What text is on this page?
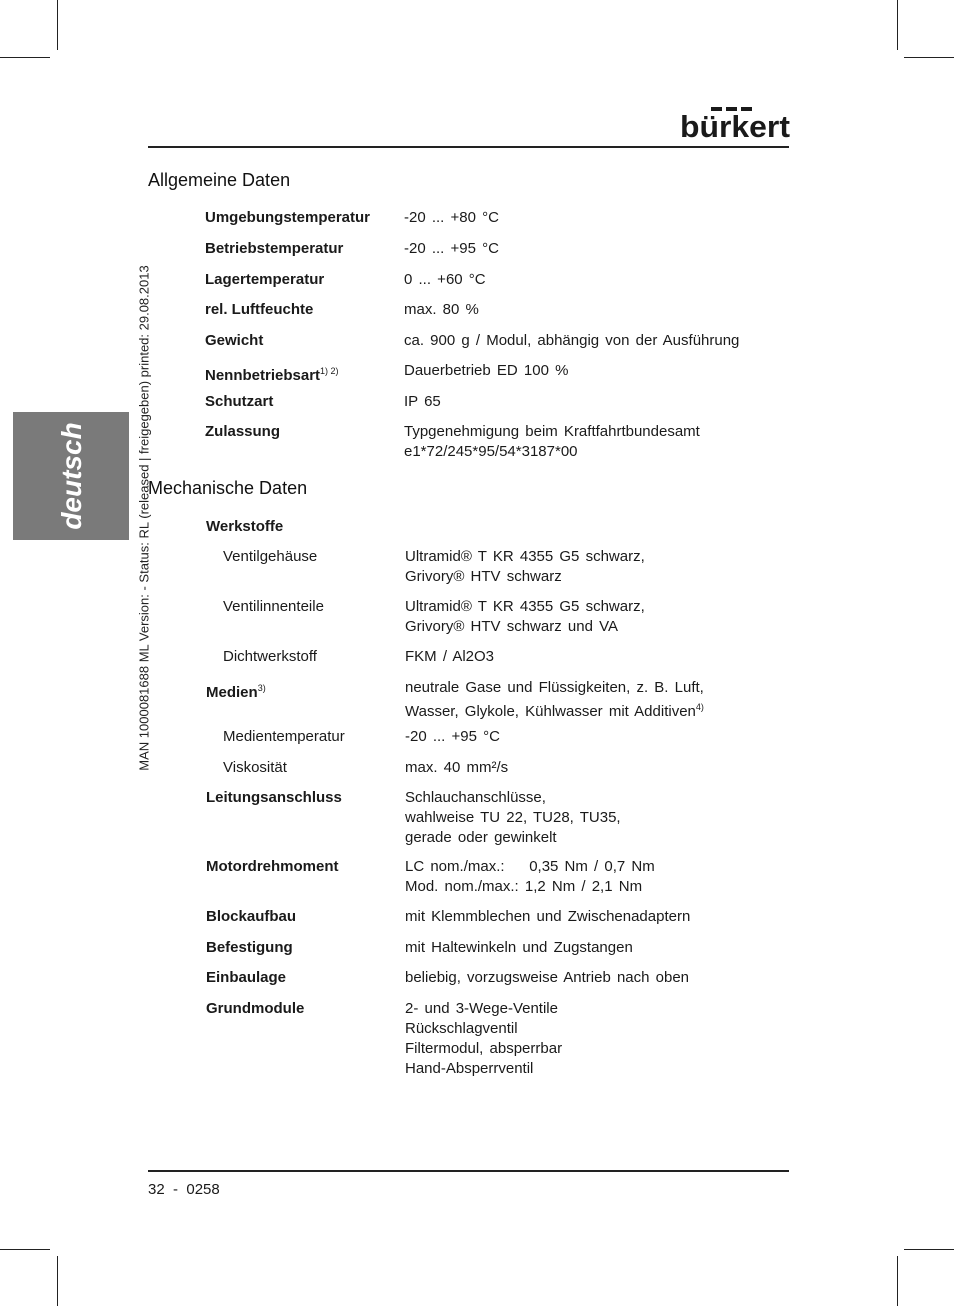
bürkert
deutsch	MAN 1000081688 ML Version: - Status: RL (released | freigegeben) printed: 29.08.2013
Allgemeine Daten
Umgebungstemperatur -20 ... +80 °C
Betriebstemperatur	-20 ... +95 °C
Lagertemperatur	0 ... +60 °C
rel. Luftfeuchte	max. 80 %
Gewicht	ca. 900 g / Modul, abhängig von der Ausführung
Nennbetriebsart$^{1) 2)}$	Dauerbetrieb ED 100 %
Schutzart	IP 65
Zulassung	Typgenehmigung beim Kraftfahrtbundesamt
e1*72/245*95/54*3187*00
Mechanische Daten
Werkstoffe
Ventilgehäuse	Ultramid® T KR 4355 G5 schwarz,
Grivory® HTV schwarz
Ventilinnenteile	Ultramid® T KR 4355 G5 schwarz,
Grivory® HTV schwarz und VA
Dichtwerkstoff	FKM / Al2O3
Medien$^{3)}$	neutrale Gase und Flüssigkeiten, z. B. Luft,
Wasser, Glykole, Kühlwasser mit Additiven$^{4)}$
Medientemperatur	-20 ... +95 °C
Viskosität	max. 40 mm²/s
Leitungsanschluss	Schlauchanschlüsse,
wahlweise TU 22, TU28, TU35,
gerade oder gewinkelt
Motordrehmoment	LC nom./max.:    0,35 Nm / 0,7 Nm
Mod. nom./max.: 1,2 Nm / 2,1 Nm
Blockaufbau	mit Klemmblechen und Zwischenadaptern
Befestigung	mit Haltewinkeln und Zugstangen
Einbaulage	beliebig, vorzugsweise Antrieb nach oben
Grundmodule	2- und 3-Wege-Ventile
Rückschlagventil
Filtermodul, absperrbar
Hand-Absperrventil
32  -  0258
